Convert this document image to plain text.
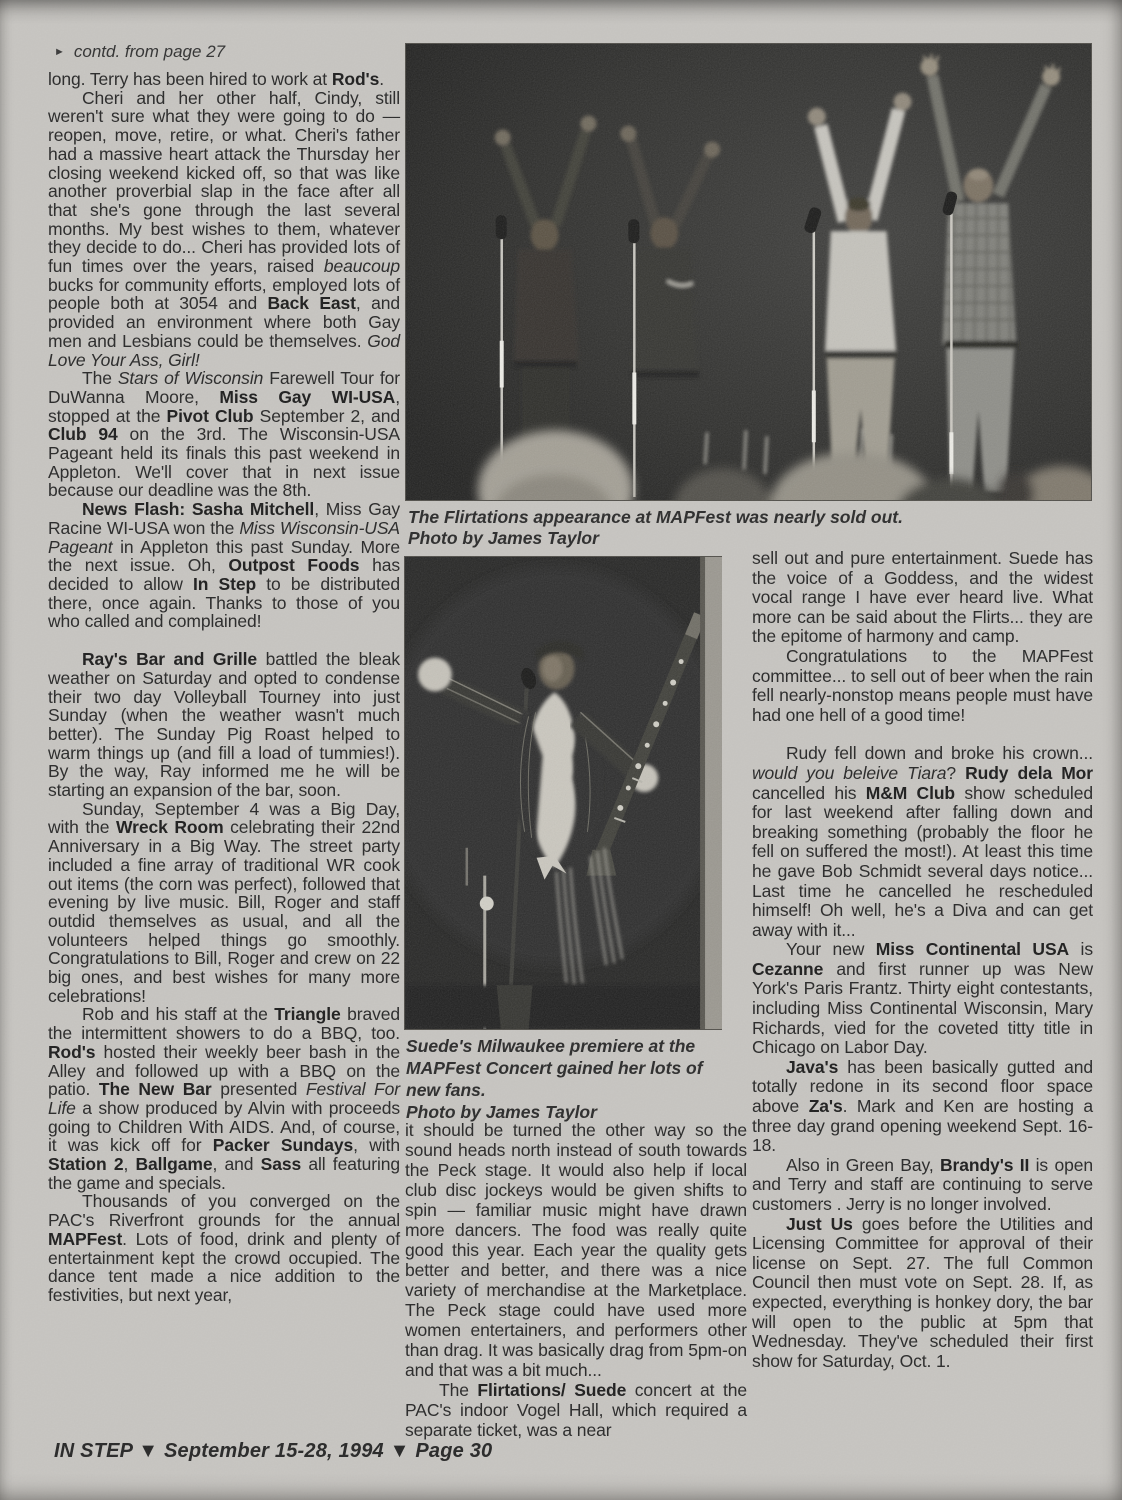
► contd. from page 27

long. Terry has been hired to work at Rod's.

Cheri and her other half, Cindy, still weren't sure what they were going to do — reopen, move, retire, or what. Cheri's father had a massive heart attack the Thursday her closing weekend kicked off, so that was like another proverbial slap in the face after all that she's gone through the last several months. My best wishes to them, whatever they decide to do... Cheri has provided lots of fun times over the years, raised beaucoup bucks for community efforts, employed lots of people both at 3054 and Back East, and provided an environment where both Gay men and Lesbians could be themselves. God Love Your Ass, Girl!

The Stars of Wisconsin Farewell Tour for DuWanna Moore, Miss Gay WI-USA, stopped at the Pivot Club September 2, and Club 94 on the 3rd. The Wisconsin-USA Pageant held its finals this past weekend in Appleton. We'll cover that in next issue because our deadline was the 8th.

News Flash: Sasha Mitchell, Miss Gay Racine WI-USA won the Miss Wisconsin-USA Pageant in Appleton this past Sunday. More the next issue. Oh, Outpost Foods has decided to allow In Step to be distributed there, once again. Thanks to those of you who called and complained!

Ray's Bar and Grille battled the bleak weather on Saturday and opted to condense their two day Volleyball Tourney into just Sunday (when the weather wasn't much better). The Sunday Pig Roast helped to warm things up (and fill a load of tummies!). By the way, Ray informed me he will be starting an expansion of the bar, soon.

Sunday, September 4 was a Big Day, with the Wreck Room celebrating their 22nd Anniversary in a Big Way. The street party included a fine array of traditional WR cook out items (the corn was perfect), followed that evening by live music. Bill, Roger and staff outdid themselves as usual, and all the volunteers helped things go smoothly. Congratulations to Bill, Roger and crew on 22 big ones, and best wishes for many more celebrations!

Rob and his staff at the Triangle braved the intermittent showers to do a BBQ, too. Rod's hosted their weekly beer bash in the Alley and followed up with a BBQ on the patio. The New Bar presented Festival For Life a show produced by Alvin with proceeds going to Children With AIDS. And, of course, it was kick off for Packer Sundays, with Station 2, Ballgame, and Sass all featuring the game and specials.

Thousands of you converged on the PAC's Riverfront grounds for the annual MAPFest. Lots of food, drink and plenty of entertainment kept the crowd occupied. The dance tent made a nice addition to the festivities, but next year,

The Flirtations appearance at MAPFest was nearly sold out.
Photo by James Taylor
Suede's Milwaukee premiere at the
MAPFest Concert gained her lots of
new fans.
Photo by James Taylor

it should be turned the other way so the sound heads north instead of south towards the Peck stage. It would also help if local club disc jockeys would be given shifts to spin — familiar music might have drawn more dancers. The food was really quite good this year. Each year the quality gets better and better, and there was a nice variety of merchandise at the Marketplace. The Peck stage could have used more women entertainers, and performers other than drag. It was basically drag from 5pm-on and that was a bit much...

The Flirtations/ Suede concert at the PAC's indoor Vogel Hall, which required a separate ticket, was a near

sell out and pure entertainment. Suede has the voice of a Goddess, and the widest vocal range I have ever heard live. What more can be said about the Flirts... they are the epitome of harmony and camp.

Congratulations to the MAPFest committee... to sell out of beer when the rain fell nearly-nonstop means people must have had one hell of a good time!

Rudy fell down and broke his crown... would you beleive Tiara? Rudy dela Mor cancelled his M&M Club show scheduled for last weekend after falling down and breaking something (probably the floor he fell on suffered the most!). At least this time he gave Bob Schmidt several days notice... Last time he cancelled he rescheduled himself! Oh well, he's a Diva and can get away with it...

Your new Miss Continental USA is Cezanne and first runner up was New York's Paris Frantz. Thirty eight contestants, including Miss Continental Wisconsin, Mary Richards, vied for the coveted titty title in Chicago on Labor Day.

Java's has been basically gutted and totally redone in its second floor space above Za's. Mark and Ken are hosting a three day grand opening weekend Sept. 16-18.

Also in Green Bay, Brandy's II is open and Terry and staff are continuing to serve customers . Jerry is no longer involved.

Just Us goes before the Utilities and Licensing Committee for approval of their license on Sept. 27. The full Common Council then must vote on Sept. 28. If, as expected, everything is honkey dory, the bar will open to the public at 5pm that Wednesday. They've scheduled their first show for Saturday, Oct. 1.

IN STEP ▼ September 15-28, 1994 ▼ Page 30
